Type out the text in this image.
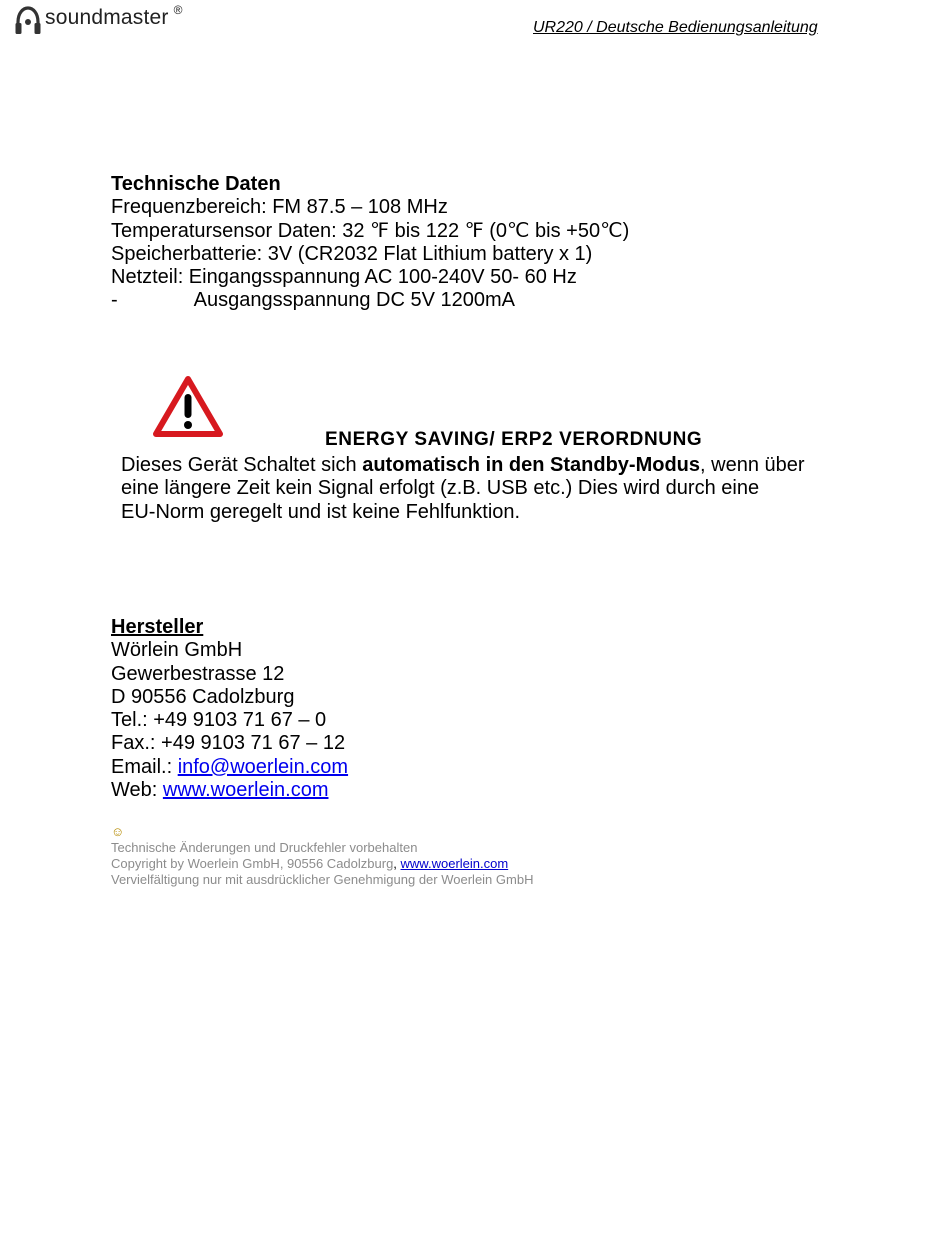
soundmaster ®
UR220 / Deutsche Bedienungsanleitung
Technische Daten
Frequenzbereich: FM 87.5 – 108 MHz
Temperatursensor Daten: 32 ℉ bis 122 ℉ (0℃ bis +50℃)
Speicherbatterie: 3V (CR2032 Flat Lithium battery x 1)
Netzteil: Eingangsspannung AC 100-240V 50- 60 Hz
-	Ausgangsspannung DC 5V 1200mA
ENERGY SAVING/ ERP2 VERORDNUNG
Dieses Gerät Schaltet sich automatisch in den Standby-Modus, wenn über
eine längere Zeit kein Signal erfolgt (z.B. USB etc.) Dies wird durch eine
EU-Norm geregelt und ist keine Fehlfunktion.
Hersteller
Wörlein GmbH
Gewerbestrasse 12
D 90556 Cadolzburg
Tel.: +49 9103 71 67 – 0
Fax.: +49 9103 71 67 – 12
Email.: info@woerlein.com
Web: www.woerlein.com
☺
Technische Änderungen und Druckfehler vorbehalten
Copyright by Woerlein GmbH, 90556 Cadolzburg, www.woerlein.com
Vervielfältigung nur mit ausdrücklicher Genehmigung der Woerlein GmbH
